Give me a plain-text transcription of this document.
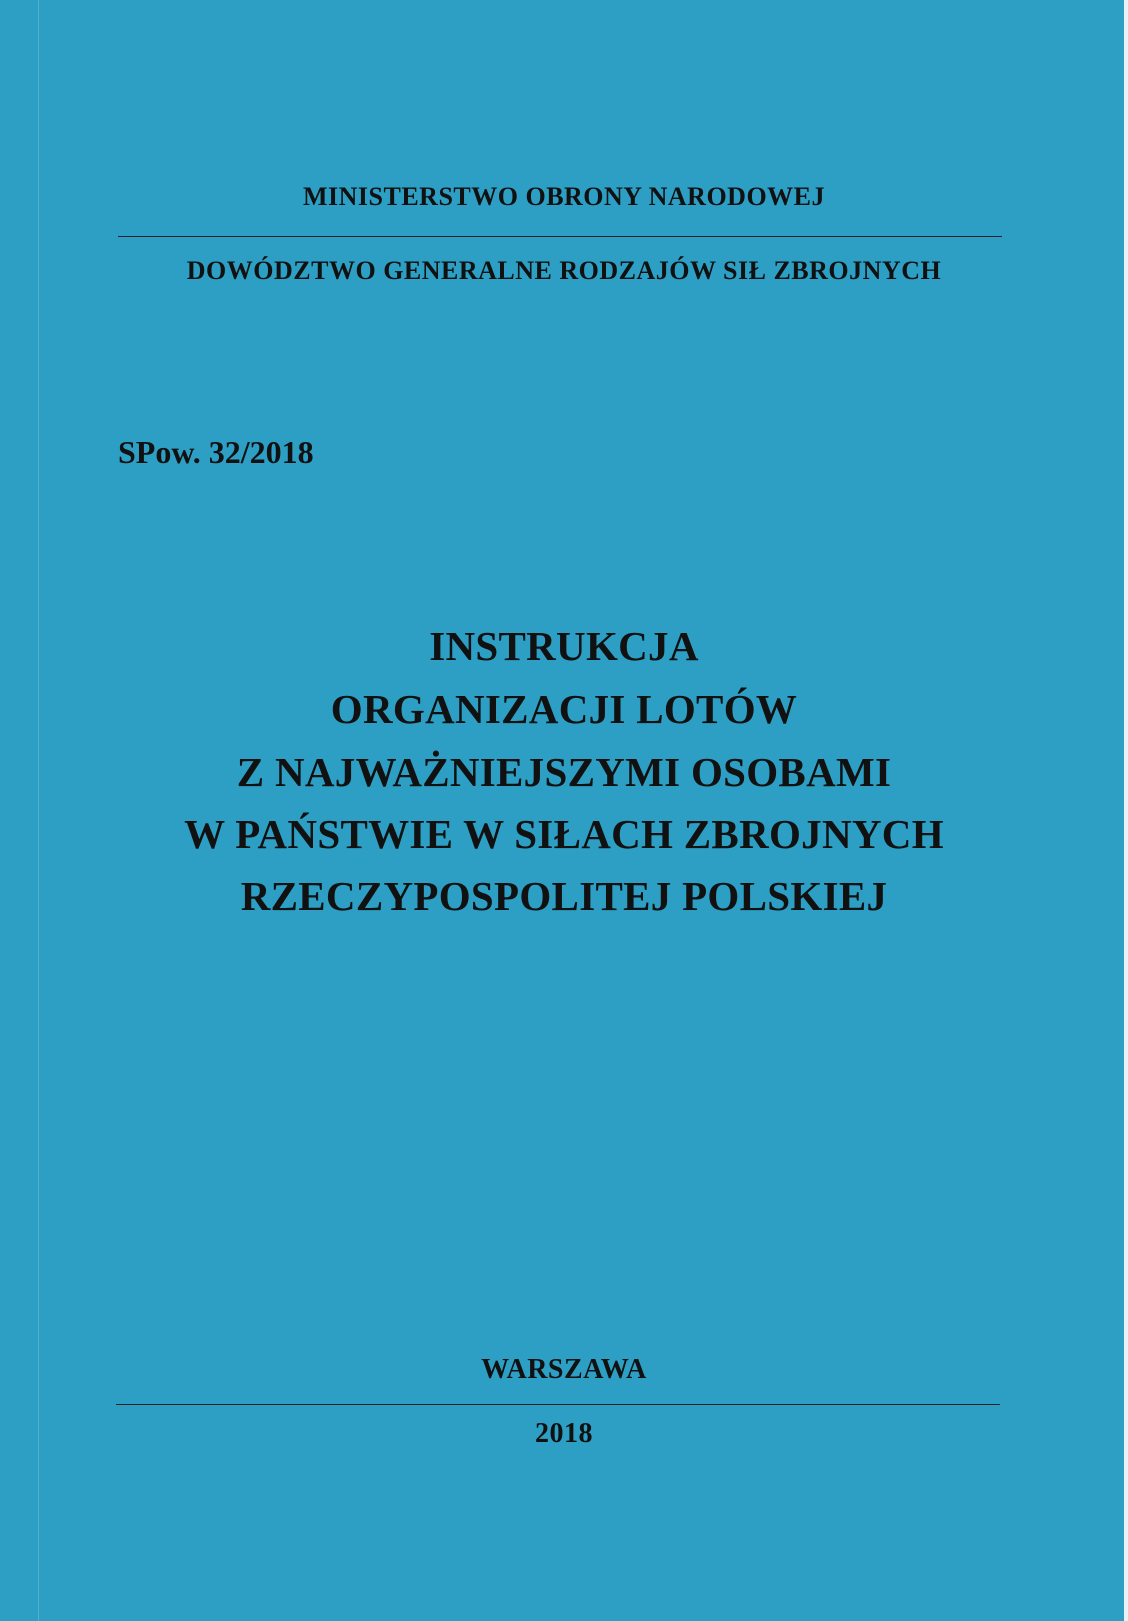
MINISTERSTWO OBRONY NARODOWEJ

DOWÓDZTWO GENERALNE RODZAJÓW SIŁ ZBROJNYCH

SPow. 32/2018

INSTRUKCJA

ORGANIZACJI LOTÓW

Z NAJWAŻNIEJSZYMI OSOBAMI

W PAŃSTWIE W SIŁACH ZBROJNYCH

RZECZYPOSPOLITEJ POLSKIEJ

WARSZAWA

2018
